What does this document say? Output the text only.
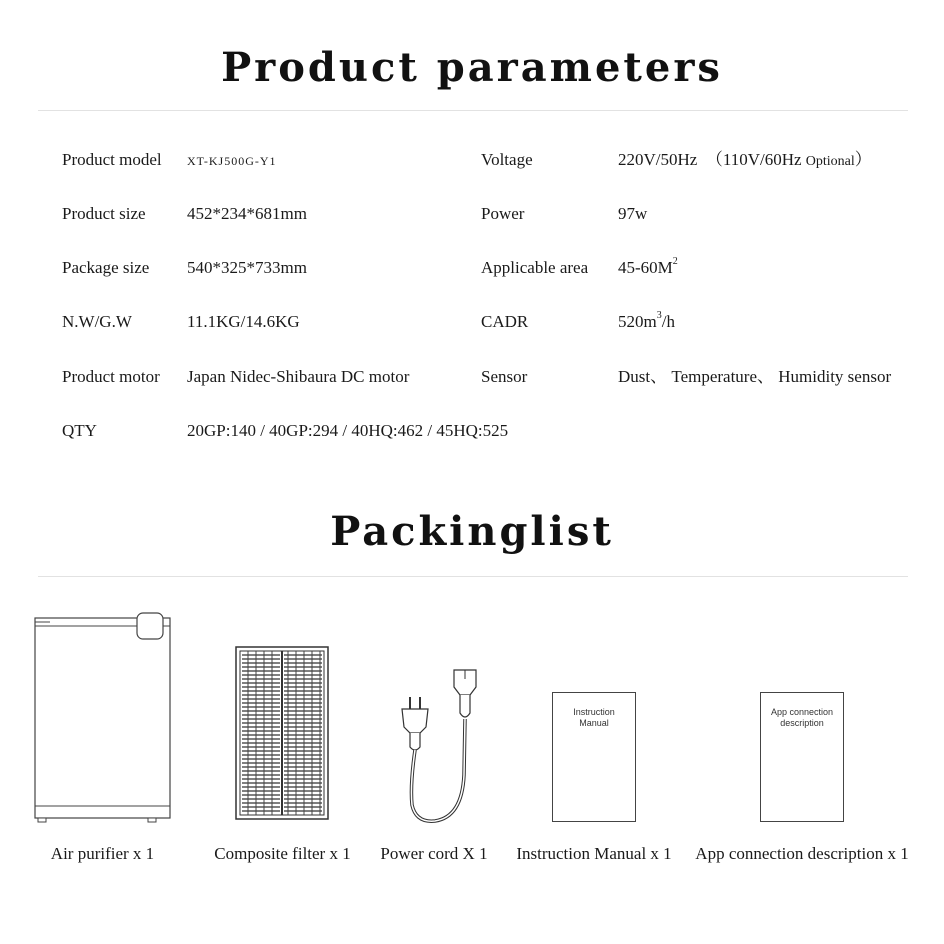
Product parameters
Product model XT-KJ500G-Y1	Voltage	220V/50Hz  （110V/60Hz Optional）
Product size 452*234*681mm	Power	97w
Package size 540*325*733mm	Applicable area $45-60M^2$
N.W/G.W	11.1KG/14.6KG	CADR	$520m^3/h$
Product motor Japan Nidec-Shibaura DC motor	Sensor	Dust、 Temperature、 Humidity sensor
QTY	20GP:140 / 40GP:294 / 40HQ:462 / 45HQ:525
Packinglist
Air purifier x 1	Composite filter x 1	Power cord X 1
Instruction
Manual
Instruction Manual x 1
App connection
description
App connection description x 1
